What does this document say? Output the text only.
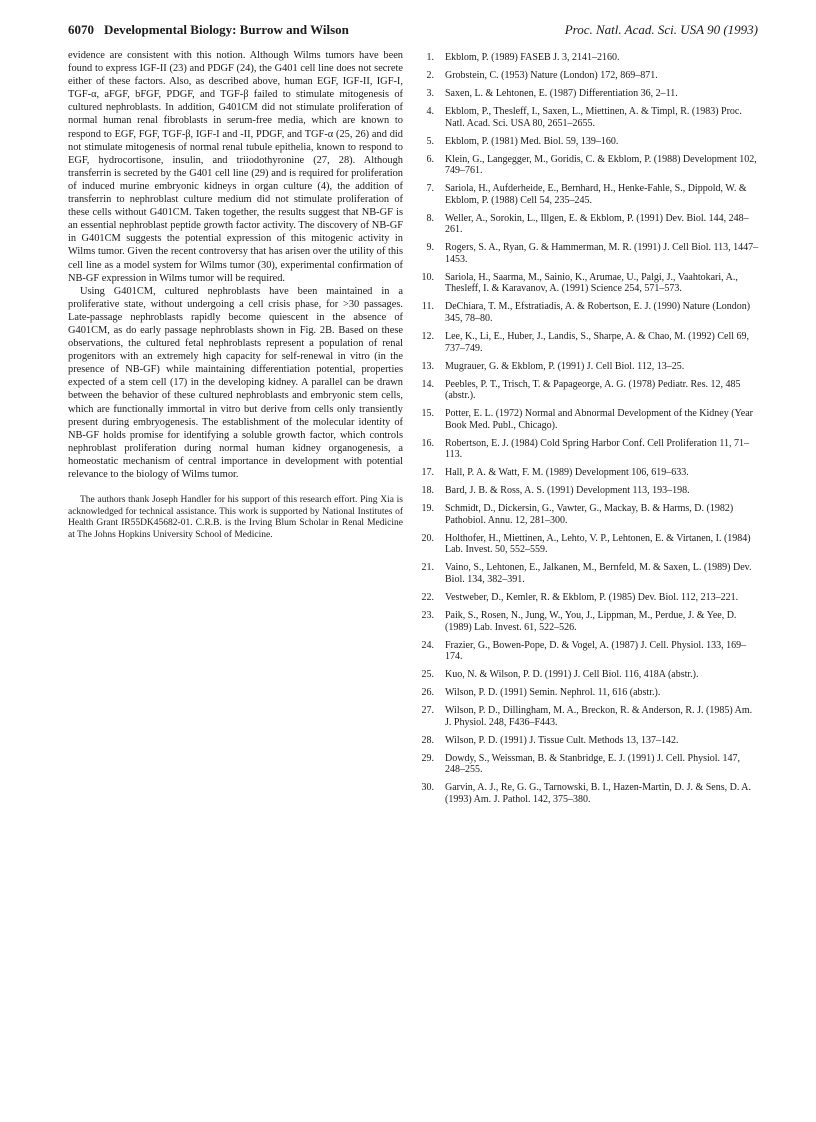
6070 Developmental Biology: Burrow and Wilson	Proc. Natl. Acad. Sci. USA 90 (1993)

evidence are consistent with this notion. Although Wilms tumors have been found to express IGF-II (23) and PDGF (24), the G401 cell line does not secrete either of these factors. Also, as described above, human EGF, IGF-II, IGF-I, TGF-α, aFGF, bFGF, PDGF, and TGF-β failed to stimulate mitogenesis of cultured nephroblasts. In addition, G401CM did not stimulate proliferation of normal human renal fibroblasts in serum-free media, which are known to respond to EGF, FGF, TGF-β, IGF-I and -II, PDGF, and TGF-α (25, 26) and did not stimulate mitogenesis of normal renal tubule epithelia, known to respond to EGF, hydrocortisone, insulin, and triiodothyronine (27, 28). Although transferrin is secreted by the G401 cell line (29) and is required for proliferation of induced murine embryonic kidneys in organ culture (4), the addition of transferrin to nephroblast culture medium did not stimulate proliferation of these cells without G401CM. Taken together, the results suggest that NB-GF is an essential nephroblast peptide growth factor activity. The discovery of NB-GF in G401CM suggests the potential expression of this mitogenic activity in Wilms tumor. Given the recent controversy that has arisen over the utility of this cell line as a model system for Wilms tumor (30), experimental confirmation of NB-GF expression in Wilms tumor will be required.

Using G401CM, cultured nephroblasts have been maintained in a proliferative state, without undergoing a cell crisis phase, for >30 passages. Late-passage nephroblasts rapidly become quiescent in the absence of G401CM, as do early passage nephroblasts shown in Fig. 2B. Based on these observations, the cultured fetal nephroblasts represent a population of renal progenitors with an extremely high capacity for self-renewal in vitro (in the presence of NB-GF) while maintaining differentiation potential, properties expected of a stem cell (17) in the developing kidney. A parallel can be drawn between the behavior of these cultured nephroblasts and embryonic stem cells, which are functionally immortal in vitro but derive from cells only transiently present during embryogenesis. The establishment of the molecular identity of NB-GF holds promise for identifying a soluble growth factor, which controls nephroblast proliferation during normal human kidney organogenesis, a homeostatic mechanism of central importance in development with potential relevance to the biology of Wilms tumor.

The authors thank Joseph Handler for his support of this research effort. Ping Xia is acknowledged for technical assistance. This work is supported by National Institutes of Health Grant IR55DK45682-01. C.R.B. is the Irving Blum Scholar in Renal Medicine at The Johns Hopkins University School of Medicine.

1. Ekblom, P. (1989) FASEB J. 3, 2141–2160.
2. Grobstein, C. (1953) Nature (London) 172, 869–871.
3. Saxen, L. & Lehtonen, E. (1987) Differentiation 36, 2–11.
4. Ekblom, P., Thesleff, I., Saxen, L., Miettinen, A. & Timpl, R. (1983) Proc. Natl. Acad. Sci. USA 80, 2651–2655.
5. Ekblom, P. (1981) Med. Biol. 59, 139–160.
6. Klein, G., Langegger, M., Goridis, C. & Ekblom, P. (1988) Development 102, 749–761.
7. Sariola, H., Aufderheide, E., Bernhard, H., Henke-Fahle, S., Dippold, W. & Ekblom, P. (1988) Cell 54, 235–245.
8. Weller, A., Sorokin, L., Illgen, E. & Ekblom, P. (1991) Dev. Biol. 144, 248–261.
9. Rogers, S. A., Ryan, G. & Hammerman, M. R. (1991) J. Cell Biol. 113, 1447–1453.
10. Sariola, H., Saarma, M., Sainio, K., Arumae, U., Palgi, J., Vaahtokari, A., Thesleff, I. & Karavanov, A. (1991) Science 254, 571–573.
11. DeChiara, T. M., Efstratiadis, A. & Robertson, E. J. (1990) Nature (London) 345, 78–80.
12. Lee, K., Li, E., Huber, J., Landis, S., Sharpe, A. & Chao, M. (1992) Cell 69, 737–749.
13. Mugrauer, G. & Ekblom, P. (1991) J. Cell Biol. 112, 13–25.
14. Peebles, P. T., Trisch, T. & Papageorge, A. G. (1978) Pediatr. Res. 12, 485 (abstr.).
15. Potter, E. L. (1972) Normal and Abnormal Development of the Kidney (Year Book Med. Publ., Chicago).
16. Robertson, E. J. (1984) Cold Spring Harbor Conf. Cell Proliferation 11, 71–113.
17. Hall, P. A. & Watt, F. M. (1989) Development 106, 619–633.
18. Bard, J. B. & Ross, A. S. (1991) Development 113, 193–198.
19. Schmidt, D., Dickersin, G., Vawter, G., Mackay, B. & Harms, D. (1982) Pathobiol. Annu. 12, 281–300.
20. Holthofer, H., Miettinen, A., Lehto, V. P., Lehtonen, E. & Virtanen, I. (1984) Lab. Invest. 50, 552–559.
21. Vaino, S., Lehtonen, E., Jalkanen, M., Bernfeld, M. & Saxen, L. (1989) Dev. Biol. 134, 382–391.
22. Vestweber, D., Kemler, R. & Ekblom, P. (1985) Dev. Biol. 112, 213–221.
23. Paik, S., Rosen, N., Jung, W., You, J., Lippman, M., Perdue, J. & Yee, D. (1989) Lab. Invest. 61, 522–526.
24. Frazier, G., Bowen-Pope, D. & Vogel, A. (1987) J. Cell. Physiol. 133, 169–174.
25. Kuo, N. & Wilson, P. D. (1991) J. Cell Biol. 116, 418A (abstr.).
26. Wilson, P. D. (1991) Semin. Nephrol. 11, 616 (abstr.).
27. Wilson, P. D., Dillingham, M. A., Breckon, R. & Anderson, R. J. (1985) Am. J. Physiol. 248, F436–F443.
28. Wilson, P. D. (1991) J. Tissue Cult. Methods 13, 137–142.
29. Dowdy, S., Weissman, B. & Stanbridge, E. J. (1991) J. Cell. Physiol. 147, 248–255.
30. Garvin, A. J., Re, G. G., Tarnowski, B. I., Hazen-Martin, D. J. & Sens, D. A. (1993) Am. J. Pathol. 142, 375–380.
